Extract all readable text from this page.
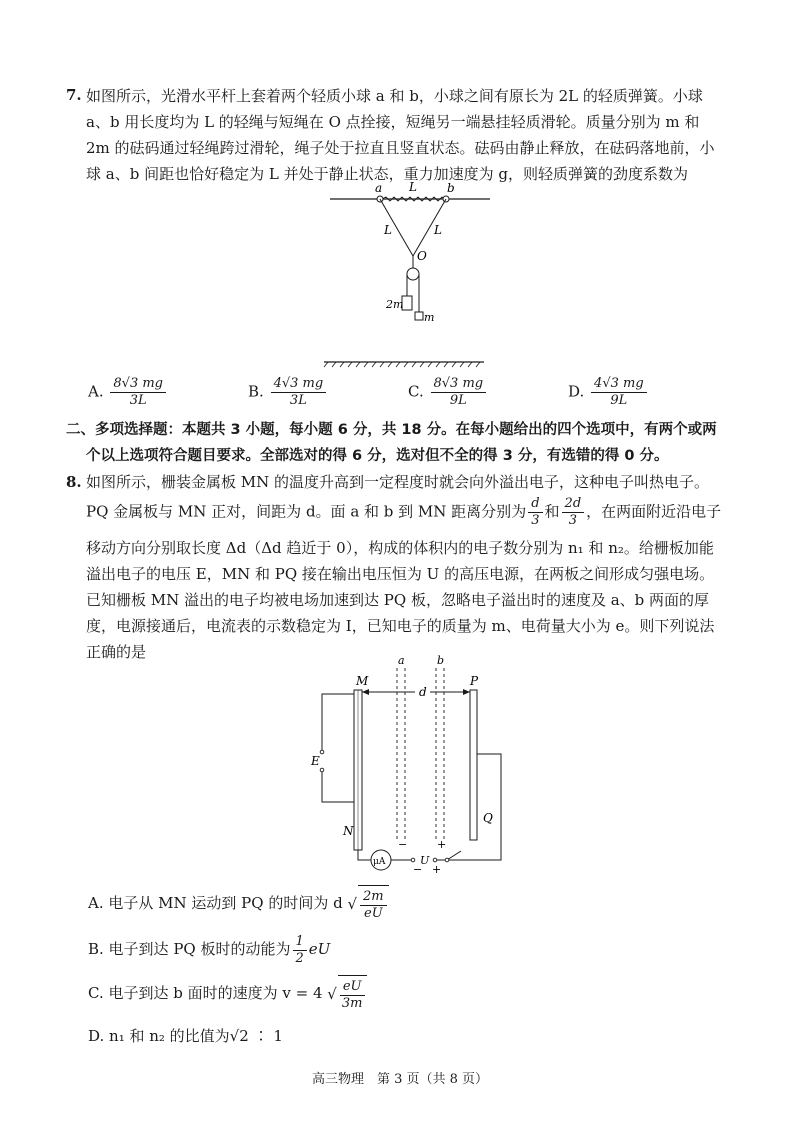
7. 如图所示，光滑水平杆上套着两个轻质小球 a 和 b，小球之间有原长为 2L 的轻质弹簧。小球
a、b 用长度均为 L 的轻绳与短绳在 O 点拴接，短绳另一端悬挂轻质滑轮。质量分别为 m 和
2m 的砝码通过轻绳跨过滑轮，绳子处于拉直且竖直状态。砝码由静止释放，在砝码落地前，小
球 a、b 间距也恰好稳定为 L 并处于静止状态，重力加速度为 g，则轻质弹簧的劲度系数为
a L	b
L	L
O
2m
m
A. $\frac{8√3 mg}{3L}$	B. $\frac{4√3 mg}{3L}$	C. $\frac{8√3 mg}{9L}$	D. $\frac{4√3 mg}{9L}$
二、多项选择题：本题共 3 小题，每小题 6 分，共 18 分。在每小题给出的四个选项中，有两个或两
个以上选项符合题目要求。全部选对的得 6 分，选对但不全的得 3 分，有选错的得 0 分。
8. 如图所示，栅装金属板 MN 的温度升高到一定程度时就会向外溢出电子，这种电子叫热电子。
PQ 金属板与 MN 正对，间距为 d。面 a 和 b 到 MN 距离分别为 $\frac{d}{3}$ 和 $\frac{2d}{3}$ ，在两面附近沿电子
移动方向分别取长度 Δd（Δd 趋近于 0），构成的体积内的电子数分别为 n₁ 和 n₂。给栅板加能
溢出电子的电压 E，MN 和 PQ 接在输出电压恒为 U 的高压电源，在两板之间形成匀强电场。
已知栅板 MN 溢出的电子均被电场加速到达 PQ 板，忽略电子溢出时的速度及 a、b 两面的厚
度，电源接通后，电流表的示数稳定为 I，已知电子的质量为 m、电荷量大小为 e。则下列说法
正确的是	a	b
M	P
d
E
N
Q
−	+
μA
−
U
+
A. 电子从 MN 运动到 PQ 的时间为 d √ $\frac{2m}{eU}$
B. 电子到达 PQ 板时的动能为 $\frac{1}{2}$ eU
C. 电子到达 b 面时的速度为 v = 4 √ $\frac{eU}{3m}$
D. n₁ 和 n₂ 的比值为√2 ∶ 1
高三物理　第 3 页（共 8 页）
